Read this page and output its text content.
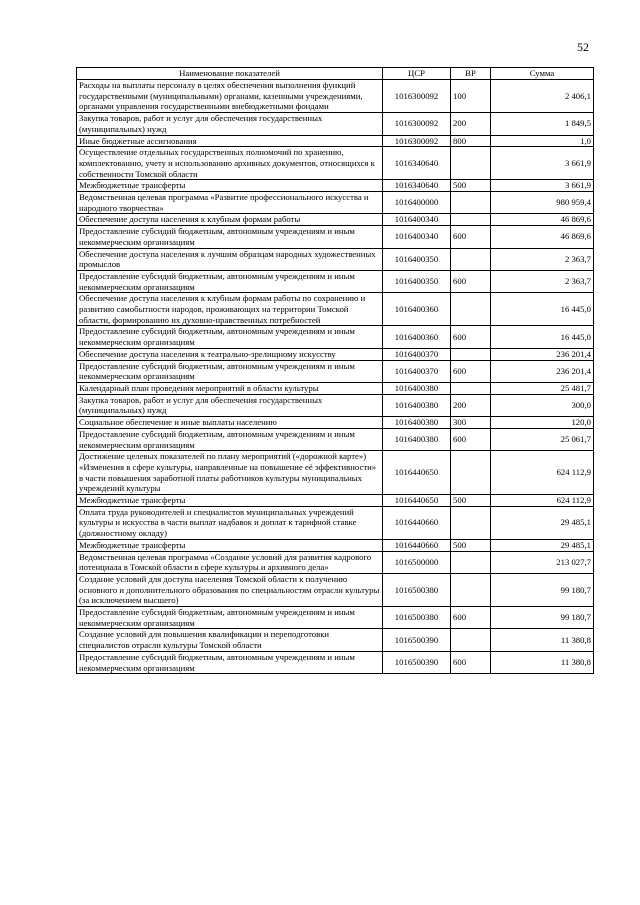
52
Наименование показателей	ЦСР	ВР	Сумма
Расходы на выплаты персоналу в целях обеспечения выполнения функций государственными (муниципальными) органами, казенными учреждениями, органами управления государственными внебюджетными фондами	1016300092	100	2 406,1
Закупка товаров, работ и услуг для обеспечения государственных (муниципальных) нужд	1016300092	200	1 849,5
Иные бюджетные ассигнования	1016300092	800	1,0
Осуществление отдельных государственных полномочий по хранению, комплектованию, учету и использованию архивных документов, относящихся к собственности Томской области	1016340640		3 661,9
Межбюджетные трансферты	1016340640	500	3 661,9
Ведомственная целевая программа «Развитие профессионального искусства и народного творчества»	1016400000		980 959,4
Обеспечение доступа населения к клубным формам работы	1016400340		46 869,6
Предоставление субсидий бюджетным, автономным учреждениям и иным некоммерческим организациям	1016400340	600	46 869,6
Обеспечение доступа населения к лучшим образцам народных художественных промыслов	1016400350		2 363,7
Предоставление субсидий бюджетным, автономным учреждениям и иным некоммерческим организациям	1016400350	600	2 363,7
Обеспечение доступа населения к клубным формам работы по сохранению и развитию самобытности народов, проживающих на территории Томской области, формированию их духовно-нравственных потребностей	1016400360		16 445,0
Предоставление субсидий бюджетным, автономным учреждениям и иным некоммерческим организациям	1016400360	600	16 445,0
Обеспечение доступа населения к театрально-зрелищному искусству	1016400370		236 201,4
Предоставление субсидий бюджетным, автономным учреждениям и иным некоммерческим организациям	1016400370	600	236 201,4
Календарный план проведения мероприятий в области культуры	1016400380		25 481,7
Закупка товаров, работ и услуг для обеспечения государственных (муниципальных) нужд	1016400380	200	300,0
Социальное обеспечение и иные выплаты населению	1016400380	300	120,0
Предоставление субсидий бюджетным, автономным учреждениям и иным некоммерческим организациям	1016400380	600	25 061,7
Достижение целевых показателей по плану мероприятий («дорожной карте») «Изменения в сфере культуры, направленные на повышение её эффективности» в части повышения заработной платы работников культуры муниципальных учреждений культуры	1016440650		624 112,9
Межбюджетные трансферты	1016440650	500	624 112,9
Оплата труда руководителей и специалистов муниципальных учреждений культуры и искусства в части выплат надбавок и доплат к тарифной ставке (должностному окладу)	1016440660		29 485,1
Межбюджетные трансферты	1016440660	500	29 485,1
Ведомственная целевая программа «Создание условий для развития кадрового потенциала в Томской области в сфере культуры и архивного дела»	1016500000		213 027,7
Создание условий для доступа населения Томской области к получению основного и дополнительного образования по специальностям отрасли культуры (за исключением высшего)	1016500380		99 180,7
Предоставление субсидий бюджетным, автономным учреждениям и иным некоммерческим организациям	1016500380	600	99 180,7
Создание условий для повышения квалификации и переподготовки специалистов отрасли культуры Томской области	1016500390		11 380,8
Предоставление субсидий бюджетным, автономным учреждениям и иным некоммерческим организациям	1016500390	600	11 380,8
